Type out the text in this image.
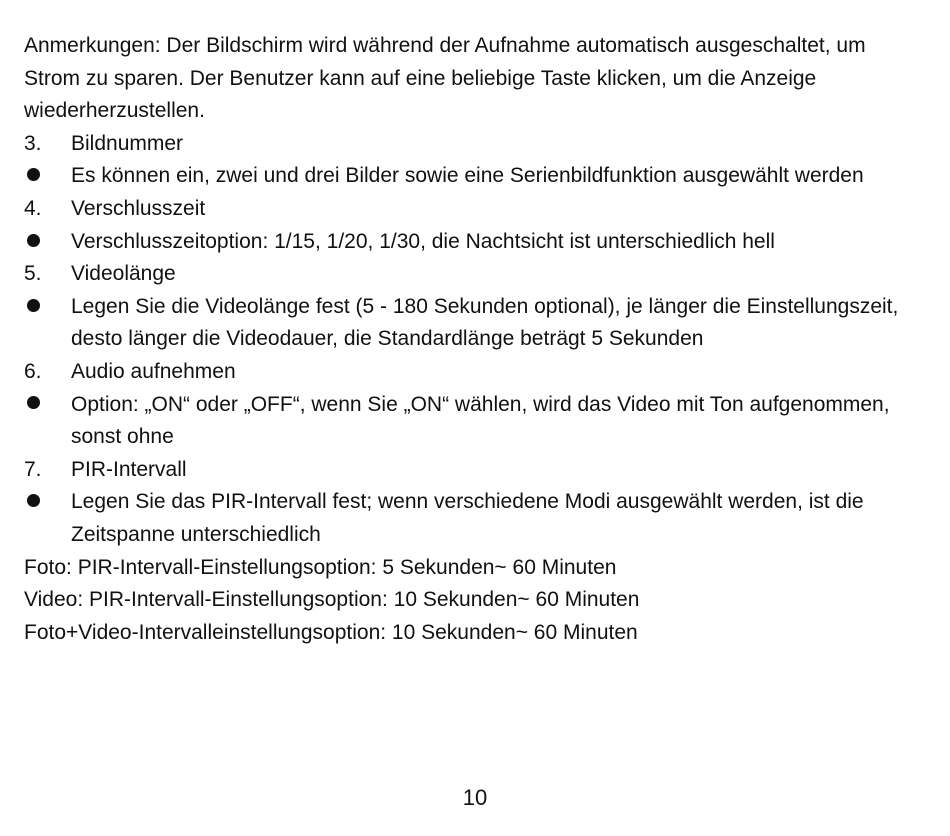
Anmerkungen: Der Bildschirm wird während der Aufnahme automatisch ausgeschaltet, um Strom zu sparen. Der Benutzer kann auf eine beliebige Taste klicken, um die Anzeige wiederherzustellen.

3.	Bildnummer
Es können ein, zwei und drei Bilder sowie eine Serienbildfunktion ausgewählt werden
4.	Verschlusszeit
Verschlusszeitoption: 1/15, 1/20, 1/30, die Nachtsicht ist unterschiedlich hell
5.	Videolänge
Legen Sie die Videolänge fest (5 - 180 Sekunden optional), je länger die Einstellungszeit, desto länger die Videodauer, die Standardlänge beträgt 5 Sekunden
6.	Audio aufnehmen
Option: „ON“ oder „OFF“, wenn Sie „ON“ wählen, wird das Video mit Ton aufgenommen, sonst ohne
7.	PIR-Intervall
Legen Sie das PIR-Intervall fest; wenn verschiedene Modi ausgewählt werden, ist die Zeitspanne unterschiedlich

Foto: PIR-Intervall-Einstellungsoption: 5 Sekunden~ 60 Minuten

Video: PIR-Intervall-Einstellungsoption: 10 Sekunden~ 60 Minuten

Foto+Video-Intervalleinstellungsoption: 10 Sekunden~ 60 Minuten

10
